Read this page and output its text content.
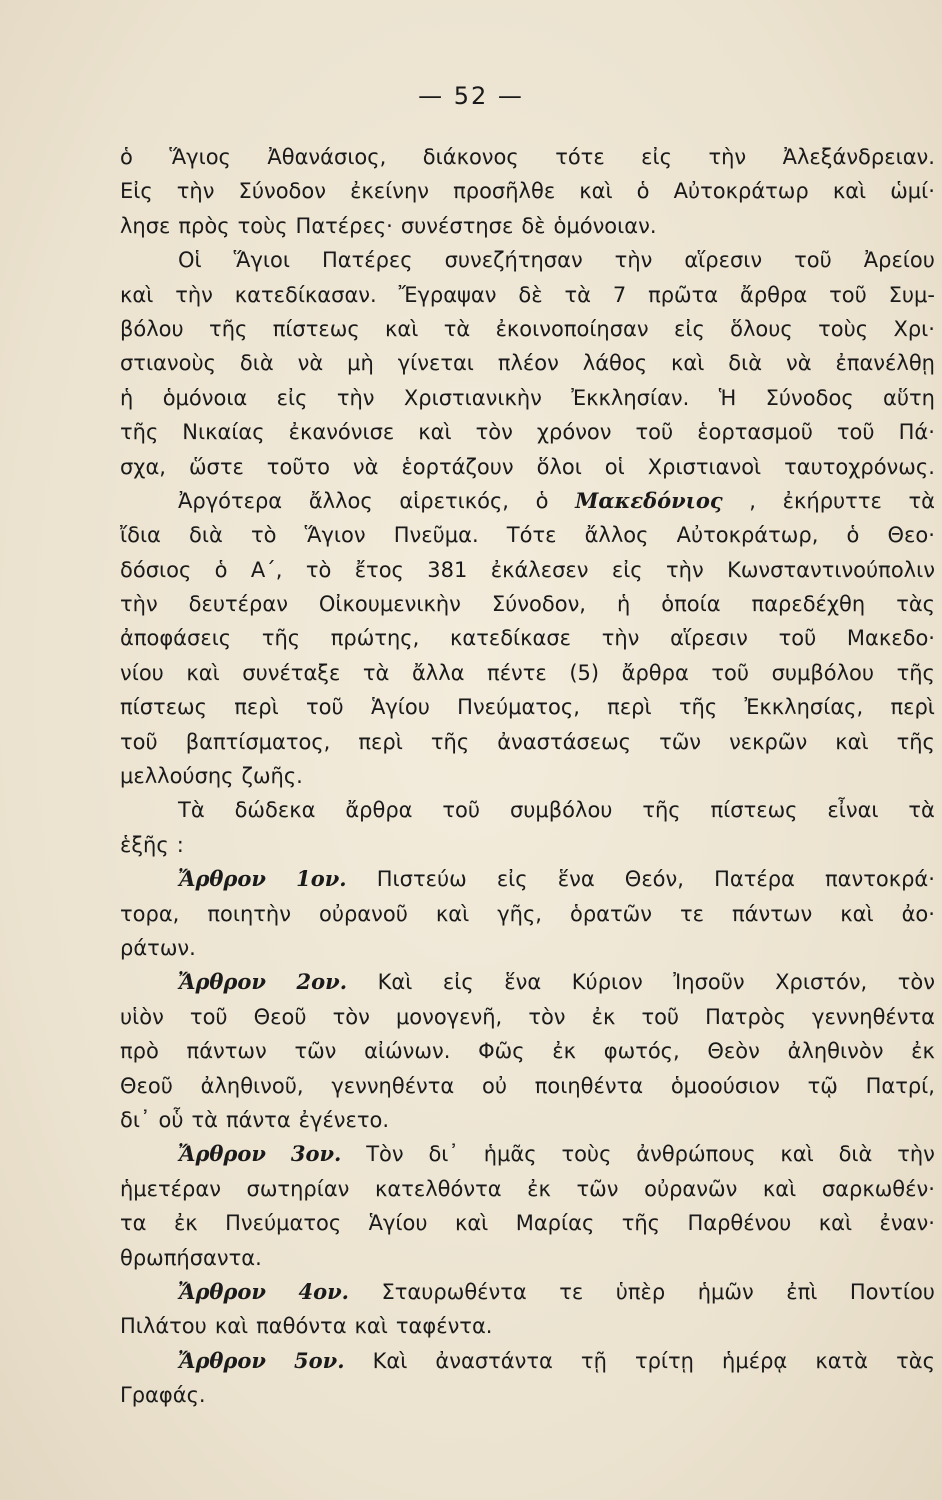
— 52 —
ὁ Ἅγιος Ἀθανάσιος, διάκονος τότε εἰς τὴν Ἀλεξάνδρειαν.
Εἰς τὴν Σύνοδον ἐκείνην προσῆλθε καὶ ὁ Αὐτοκράτωρ καὶ ὡμί·
λησε πρὸς τοὺς Πατέρες· συνέστησε δὲ ὁμόνοιαν.
Οἱ Ἅγιοι Πατέρες συνεζήτησαν τὴν αἵρεσιν τοῦ Ἀρείου
καὶ τὴν κατεδίκασαν. Ἔγραψαν δὲ τὰ 7 πρῶτα ἄρθρα τοῦ Συμ-
βόλου τῆς πίστεως καὶ τὰ ἐκοινοποίησαν εἰς ὅλους τοὺς Χρι·
στιανοὺς διὰ νὰ μὴ γίνεται πλέον λάθος καὶ διὰ νὰ ἐπανέλθῃ
ἡ ὁμόνοια εἰς τὴν Χριστιανικὴν Ἐκκλησίαν. Ἡ Σύνοδος αὕτη
τῆς Νικαίας ἐκανόνισε καὶ τὸν χρόνον τοῦ ἑορτασμοῦ τοῦ Πά·
σχα, ὥστε τοῦτο νὰ ἑορτάζουν ὅλοι οἱ Χριστιανοὶ ταυτοχρόνως.
Ἀργότερα ἄλλος αἱρετικός, ὁ Μακεδόνιος , ἐκήρυττε τὰ
ἴδια διὰ τὸ Ἅγιον Πνεῦμα. Τότε ἄλλος Αὐτοκράτωρ, ὁ Θεο·
δόσιος ὁ Α΄, τὸ ἔτος 381 ἐκάλεσεν εἰς τὴν Κωνσταντινούπολιν
τὴν δευτέραν Οἰκουμενικὴν Σύνοδον, ἡ ὁποία παρεδέχθη τὰς
ἀποφάσεις τῆς πρώτης, κατεδίκασε τὴν αἵρεσιν τοῦ Μακεδο·
νίου καὶ συνέταξε τὰ ἄλλα πέντε (5) ἄρθρα τοῦ συμβόλου τῆς
πίστεως περὶ τοῦ Ἁγίου Πνεύματος, περὶ τῆς Ἐκκλησίας, περὶ
τοῦ βαπτίσματος, περὶ τῆς ἀναστάσεως τῶν νεκρῶν καὶ τῆς
μελλούσης ζωῆς.
Τὰ δώδεκα ἄρθρα τοῦ συμβόλου τῆς πίστεως εἶναι τὰ
ἑξῆς :
Ἄρθρον 1ον. Πιστεύω εἰς ἕνα Θεόν, Πατέρα παντοκρά·
τορα, ποιητὴν οὐρανοῦ καὶ γῆς, ὁρατῶν τε πάντων καὶ ἀο·
ράτων.
Ἄρθρον 2ον. Καὶ εἰς ἕνα Κύριον Ἰησοῦν Χριστόν, τὸν
υἱὸν τοῦ Θεοῦ τὸν μονογενῆ, τὸν ἐκ τοῦ Πατρὸς γεννηθέντα
πρὸ πάντων τῶν αἰώνων. Φῶς ἐκ φωτός, Θεὸν ἀληθινὸν ἐκ
Θεοῦ ἀληθινοῦ, γεννηθέντα οὐ ποιηθέντα ὁμοούσιον τῷ Πατρί,
δι᾽ οὗ τὰ πάντα ἐγένετο.
Ἄρθρον 3ον. Τὸν δι᾽ ἡμᾶς τοὺς ἀνθρώπους καὶ διὰ τὴν
ἡμετέραν σωτηρίαν κατελθόντα ἐκ τῶν οὐρανῶν καὶ σαρκωθέν·
τα ἐκ Πνεύματος Ἁγίου καὶ Μαρίας τῆς Παρθένου καὶ ἐναν·
θρωπήσαντα.
Ἄρθρον 4ον. Σταυρωθέντα τε ὑπὲρ ἡμῶν ἐπὶ Ποντίου
Πιλάτου καὶ παθόντα καὶ ταφέντα.
Ἄρθρον 5ον. Καὶ ἀναστάντα τῇ τρίτῃ ἡμέρᾳ κατὰ τὰς
Γραφάς.
